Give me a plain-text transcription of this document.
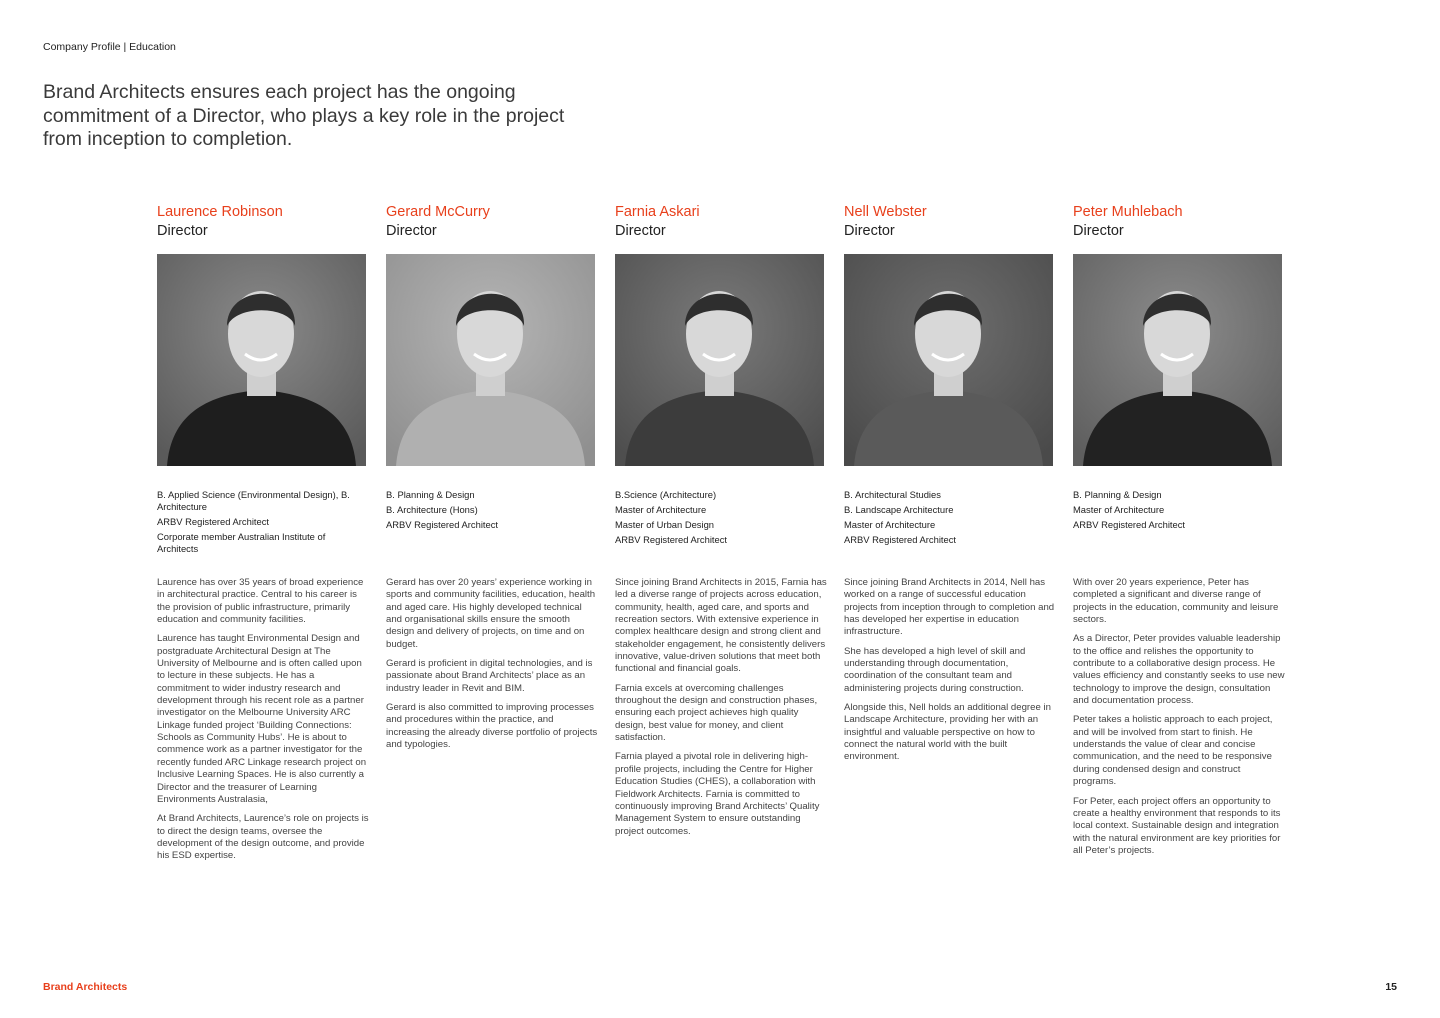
Company Profile | Education
Brand Architects ensures each project has the ongoing commitment of a Director, who plays a key role in the project from inception to completion.
Laurence Robinson
Director
B. Applied Science (Environmental Design), B. Architecture
ARBV Registered Architect
Corporate member Australian Institute of Architects

Laurence has over 35 years of broad experience in architectural practice. Central to his career is the provision of public infrastructure, primarily education and community facilities.

Laurence has taught Environmental Design and postgraduate Architectural Design at The University of Melbourne and is often called upon to lecture in these subjects. He has a commitment to wider industry research and development through his recent role as a partner investigator on the Melbourne University ARC Linkage funded project ‘Building Connections: Schools as Community Hubs’. He is about to commence work as a partner investigator for the recently funded ARC Linkage research project on Inclusive Learning Spaces. He is also currently a Director and the treasurer of Learning Environments Australasia,

At Brand Architects, Laurence’s role on projects is to direct the design teams, oversee the development of the design outcome, and provide his ESD expertise.

Gerard McCurry
Director
B. Planning & Design
B. Architecture (Hons)
ARBV Registered Architect

Gerard has over 20 years’ experience working in sports and community facilities, education, health and aged care. His highly developed technical and organisational skills ensure the smooth design and delivery of projects, on time and on budget.

Gerard is proficient in digital technologies, and is passionate about Brand Architects’ place as an industry leader in Revit and BIM.

Gerard is also committed to improving processes and procedures within the practice, and increasing the already diverse portfolio of projects and typologies.

Farnia Askari
Director
B.Science (Architecture)
Master of Architecture
Master of Urban Design
ARBV Registered Architect

Since joining Brand Architects in 2015, Farnia has led a diverse range of projects across education, community, health, aged care, and sports and recreation sectors. With extensive experience in complex healthcare design and strong client and stakeholder engagement, he consistently delivers innovative, value-driven solutions that meet both functional and financial goals.

Farnia excels at overcoming challenges throughout the design and construction phases, ensuring each project achieves high quality design, best value for money, and client satisfaction.

Farnia played a pivotal role in delivering high-profile projects, including the Centre for Higher Education Studies (CHES), a collaboration with Fieldwork Architects. Farnia is committed to continuously improving Brand Architects’ Quality Management System to ensure outstanding project outcomes.

Nell Webster
Director
B. Architectural Studies
B. Landscape Architecture
Master of Architecture
ARBV Registered Architect

Since joining Brand Architects in 2014, Nell has worked on a range of successful education projects from inception through to completion and has developed her expertise in education infrastructure.

She has developed a high level of skill and understanding through documentation, coordination of the consultant team and administering projects during construction.

Alongside this, Nell holds an additional degree in Landscape Architecture, providing her with an insightful and valuable perspective on how to connect the natural world with the built environment.

Peter Muhlebach
Director
B. Planning & Design
Master of Architecture
ARBV Registered Architect

With over 20 years experience, Peter has completed a significant and diverse range of projects in the education, community and leisure sectors.

As a Director, Peter provides valuable leadership to the office and relishes the opportunity to contribute to a collaborative design process. He values efficiency and constantly seeks to use new technology to improve the design, consultation and documentation process.

Peter takes a holistic approach to each project, and will be involved from start to finish. He understands the value of clear and concise communication, and the need to be responsive during condensed design and construct programs.

For Peter, each project offers an opportunity to create a healthy environment that responds to its local context. Sustainable design and integration with the natural environment are key priorities for all Peter’s projects.

Brand Architects	15
